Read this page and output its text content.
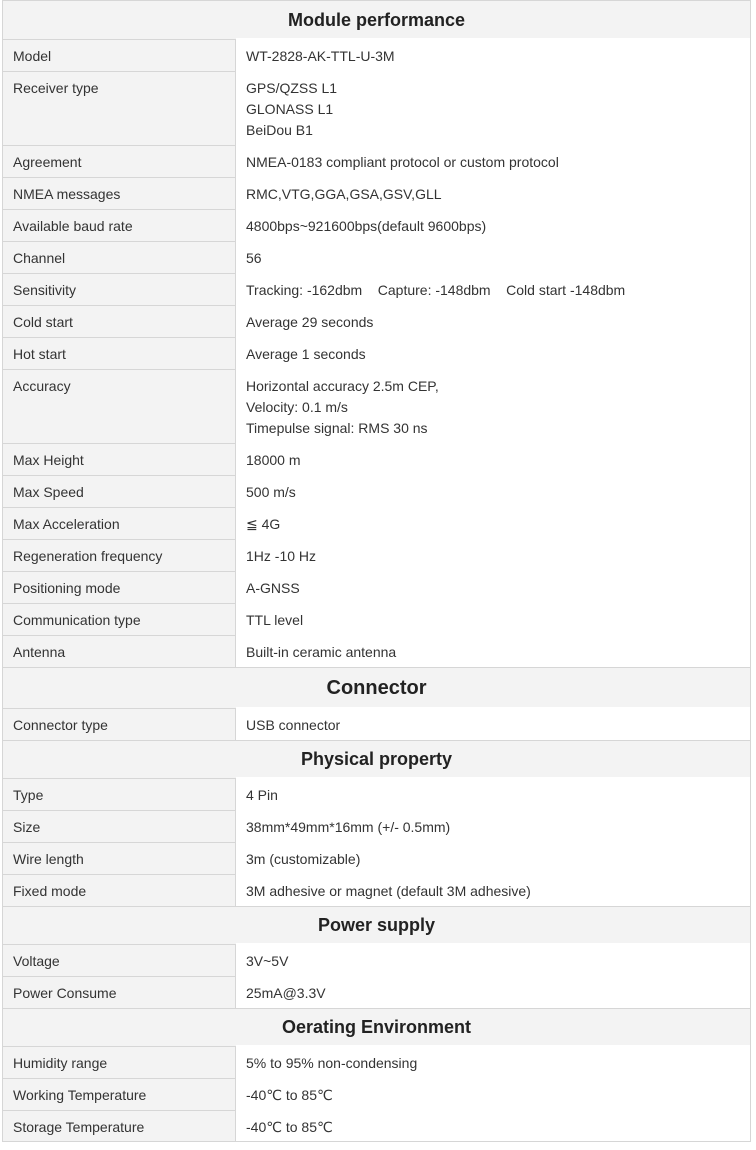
Module performance
Model	WT-2828-AK-TTL-U-3M
Receiver type	GPS/QZSS L1
GLONASS L1
BeiDou B1
Agreement	NMEA-0183 compliant protocol or custom protocol
NMEA messages	RMC,VTG,GGA,GSA,GSV,GLL
Available baud rate	4800bps~921600bps(default 9600bps)
Channel	56
Sensitivity	Tracking: -162dbm    Capture: -148dbm    Cold start -148dbm
Cold start	Average 29 seconds
Hot start	Average 1 seconds
Accuracy	Horizontal accuracy 2.5m CEP,
Velocity: 0.1 m/s
Timepulse signal: RMS 30 ns
Max Height	18000 m
Max Speed	500 m/s
Max Acceleration	≦ 4G
Regeneration frequency	1Hz -10 Hz
Positioning mode	A-GNSS
Communication type	TTL level
Antenna	Built-in ceramic antenna
Connector
Connector type	USB connector
Physical property
Type	4 Pin
Size	38mm*49mm*16mm (+/- 0.5mm)
Wire length	3m (customizable)
Fixed mode	3M adhesive or magnet (default 3M adhesive)
Power supply
Voltage	3V~5V
Power Consume	25mA@3.3V
Oerating Environment
Humidity range	5% to 95% non-condensing
Working Temperature	-40℃ to 85℃
Storage Temperature	-40℃ to 85℃
